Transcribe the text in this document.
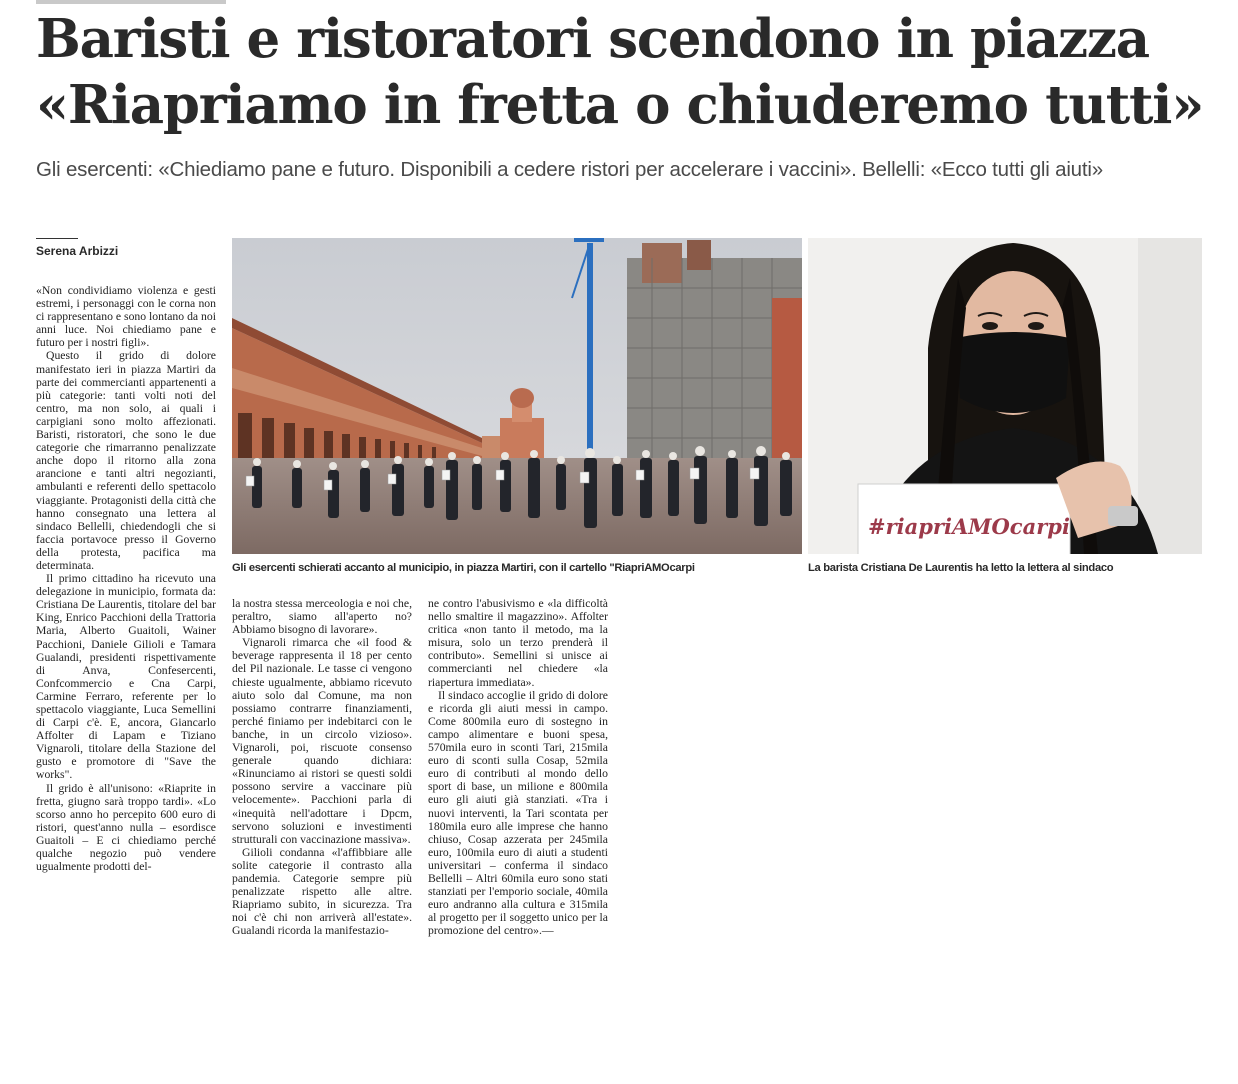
Baristi e ristoratori scendono in piazza
«Riapriamo in fretta o chiuderemo tutti»

Gli esercenti: «Chiediamo pane e futuro. Disponibili a cedere ristori per accelerare i vaccini». Bellelli: «Ecco tutti gli aiuti»

Serena Arbizzi

«Non condividiamo violenza e gesti estremi, i personaggi con le corna non ci rappresentano e sono lontano da noi anni luce. Noi chiediamo pane e futuro per i nostri figli».

Questo il grido di dolore manifestato ieri in piazza Martiri da parte dei commercianti appartenenti a più categorie: tanti volti noti del centro, ma non solo, ai quali i carpigiani sono molto affezionati. Baristi, ristoratori, che sono le due categorie che rimarranno penalizzate anche dopo il ritorno alla zona arancione e tanti altri negozianti, ambulanti e referenti dello spettacolo viaggiante. Protagonisti della città che hanno consegnato una lettera al sindaco Bellelli, chiedendogli che si faccia portavoce presso il Governo della protesta, pacifica ma determinata.

Il primo cittadino ha ricevuto una delegazione in municipio, formata da: Cristiana De Laurentis, titolare del bar King, Enrico Pacchioni della Trattoria Maria, Alberto Guaitoli, Wainer Pacchioni, Daniele Gilioli e Tamara Gualandi, presidenti rispettivamente di Anva, Confesercenti, Confcommercio e Cna Carpi, Carmine Ferraro, referente per lo spettacolo viaggiante, Luca Semellini di Carpi c'è. E, ancora, Giancarlo Affolter di Lapam e Tiziano Vignaroli, titolare della Stazione del gusto e promotore di "Save the works".

Il grido è all'unisono: «Riaprite in fretta, giugno sarà troppo tardi». «Lo scorso anno ho percepito 600 euro di ristori, quest'anno nulla – esordisce Guaitoli – E ci chiediamo perché qualche negozio può vendere ugualmente prodotti del-

#riapriAMOcarpi

Gli esercenti schierati accanto al municipio, in piazza Martiri, con il cartello "RiapriAMOcarpi	La barista Cristiana De Laurentis ha letto la lettera al sindaco

la nostra stessa merceologia e noi che, peraltro, siamo all'aperto no? Abbiamo bisogno di lavorare».

Vignaroli rimarca che «il food & beverage rappresenta il 18 per cento del Pil nazionale. Le tasse ci vengono chieste ugualmente, abbiamo ricevuto aiuto solo dal Comune, ma non possiamo contrarre finanziamenti, perché finiamo per indebitarci con le banche, in un circolo vizioso». Vignaroli, poi, riscuote consenso generale quando dichiara: «Rinunciamo ai ristori se questi soldi possono servire a vaccinare più velocemente». Pacchioni parla di «inequità nell'adottare i Dpcm, servono soluzioni e investimenti strutturali con vaccinazione massiva».

Gilioli condanna «l'affibbiare alle solite categorie il contrasto alla pandemia. Categorie sempre più penalizzate rispetto alle altre. Riapriamo subito, in sicurezza. Tra noi c'è chi non arriverà all'estate». Gualandi ricorda la manifestazio-

ne contro l'abusivismo e «la difficoltà nello smaltire il magazzino». Affolter critica «non tanto il metodo, ma la misura, solo un terzo prenderà il contributo». Semellini si unisce ai commercianti nel chiedere «la riapertura immediata».

Il sindaco accoglie il grido di dolore e ricorda gli aiuti messi in campo. Come 800mila euro di sostegno in campo alimentare e buoni spesa, 570mila euro in sconti Tari, 215mila euro di sconti sulla Cosap, 52mila euro di contributi al mondo dello sport di base, un milione e 800mila euro gli aiuti già stanziati. «Tra i nuovi interventi, la Tari scontata per 180mila euro alle imprese che hanno chiuso, Cosap azzerata per 245mila euro, 100mila euro di aiuti a studenti universitari – conferma il sindaco Bellelli – Altri 60mila euro sono stati stanziati per l'emporio sociale, 40mila euro andranno alla cultura e 315mila al progetto per il soggetto unico per la promozione del centro».—
